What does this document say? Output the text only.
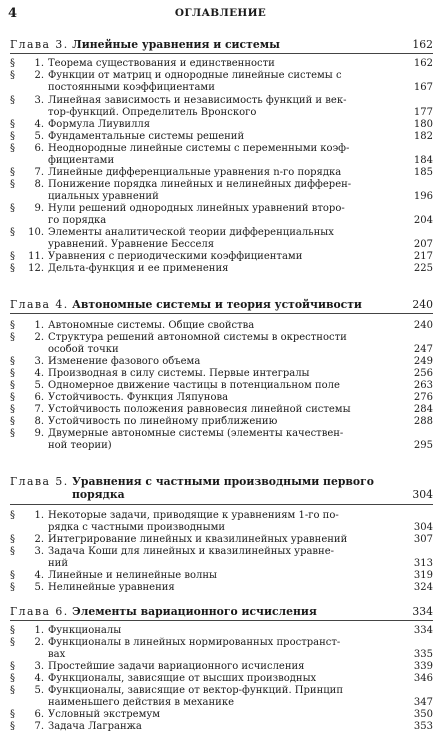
4	ОГЛАВЛЕНИЕ
Глава 3. Линейные уравнения и системы	162
§	1. Теорема существования и единственности	162
§	2. Функции от матриц и однородные линейные системы с
постоянными коэффициентами	167
§	3. Линейная зависимость и независимость функций и век-
тор-функций. Определитель Вронского	177
§	4. Формула Лиувилля	180
§	5. Фундаментальные системы решений	182
§	6. Неоднородные линейные системы с переменными коэф-
фициентами	184
§	7. Линейные дифференциальные уравнения n-го порядка	185
§	8. Понижение порядка линейных и нелинейных дифферен-
циальных уравнений	196
§	9. Нули решений однородных линейных уравнений второ-
го порядка	204
§	10. Элементы аналитической теории дифференциальных
уравнений. Уравнение Бесселя	207
§	11. Уравнения с периодическими коэффициентами	217
§	12. Дельта-функция и ее применения	225
Глава 4. Автономные системы и теория устойчивости	240
§	1. Автономные системы. Общие свойства	240
§	2. Структура решений автономной системы в окрестности
особой точки	247
§	3. Изменение фазового объема	249
§	4. Производная в силу системы. Первые интегралы	256
§	5. Одномерное движение частицы в потенциальном поле	263
§	6. Устойчивость. Функция Ляпунова	276
§	7. Устойчивость положения равновесия линейной системы	284
§	8. Устойчивость по линейному приближению	288
§	9. Двумерные автономные системы (элементы качествен-
ной теории)	295
Глава 5. Уравнения с частными производными первого
порядка	304
§	1. Некоторые задачи, приводящие к уравнениям 1-го по-
рядка с частными производными	304
§	2. Интегрирование линейных и квазилинейных уравнений	307
§	3. Задача Коши для линейных и квазилинейных уравне-
ний	313
§	4. Линейные и нелинейные волны	319
§	5. Нелинейные уравнения	324
Глава 6. Элементы вариационного исчисления	334
§	1. Функционалы	334
§	2. Функционалы в линейных нормированных пространст-
вах	335
§	3. Простейшие задачи вариационного исчисления	339
§	4. Функционалы, зависящие от высших производных	346
§	5. Функционалы, зависящие от вектор-функций. Принцип
наименьшего действия в механике	347
§	6. Условный экстремум	350
§	7. Задача Лагранжа	353
